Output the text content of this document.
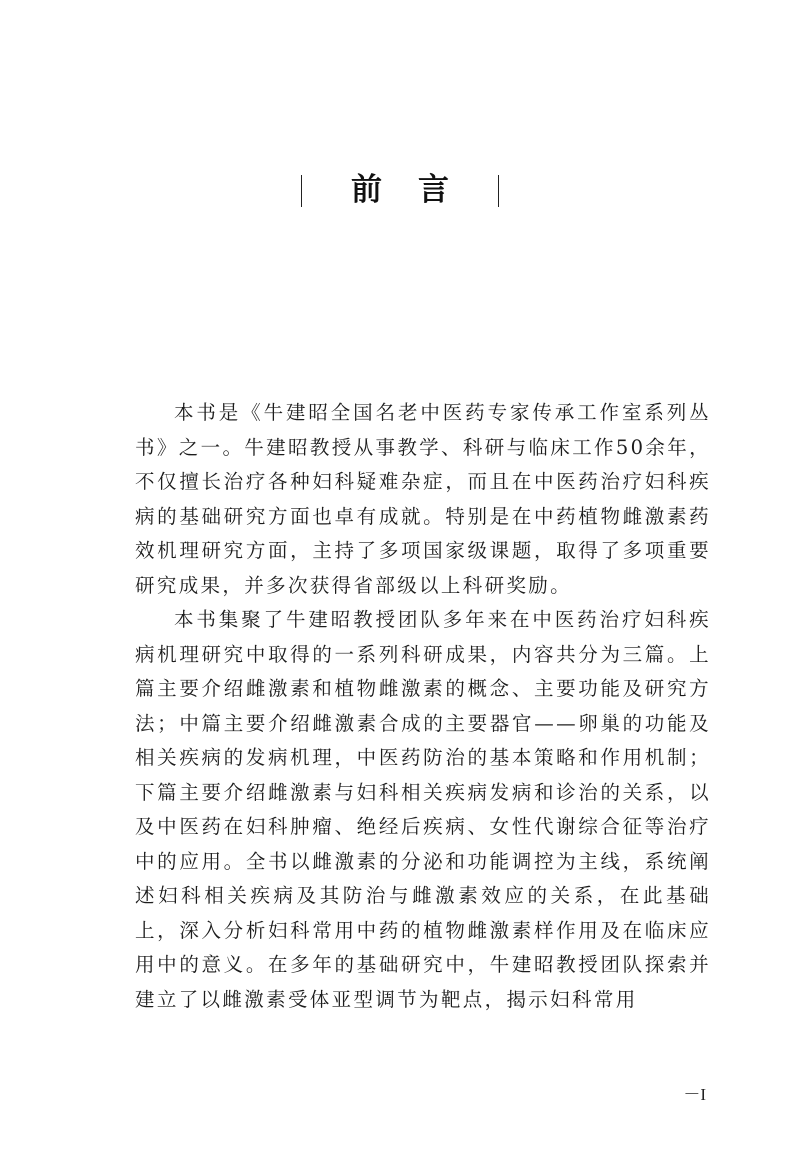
前言

本书是《牛建昭全国名老中医药专家传承工作室系列丛书》之一。牛建昭教授从事教学、科研与临床工作50余年，不仅擅长治疗各种妇科疑难杂症，而且在中医药治疗妇科疾病的基础研究方面也卓有成就。特别是在中药植物雌激素药效机理研究方面，主持了多项国家级课题，取得了多项重要研究成果，并多次获得省部级以上科研奖励。

本书集聚了牛建昭教授团队多年来在中医药治疗妇科疾病机理研究中取得的一系列科研成果，内容共分为三篇。上篇主要介绍雌激素和植物雌激素的概念、主要功能及研究方法；中篇主要介绍雌激素合成的主要器官——卵巢的功能及相关疾病的发病机理，中医药防治的基本策略和作用机制；下篇主要介绍雌激素与妇科相关疾病发病和诊治的关系，以及中医药在妇科肿瘤、绝经后疾病、女性代谢综合征等治疗中的应用。全书以雌激素的分泌和功能调控为主线，系统阐述妇科相关疾病及其防治与雌激素效应的关系，在此基础上，深入分析妇科常用中药的植物雌激素样作用及在临床应用中的意义。在多年的基础研究中，牛建昭教授团队探索并建立了以雌激素受体亚型调节为靶点，揭示妇科常用

－I
